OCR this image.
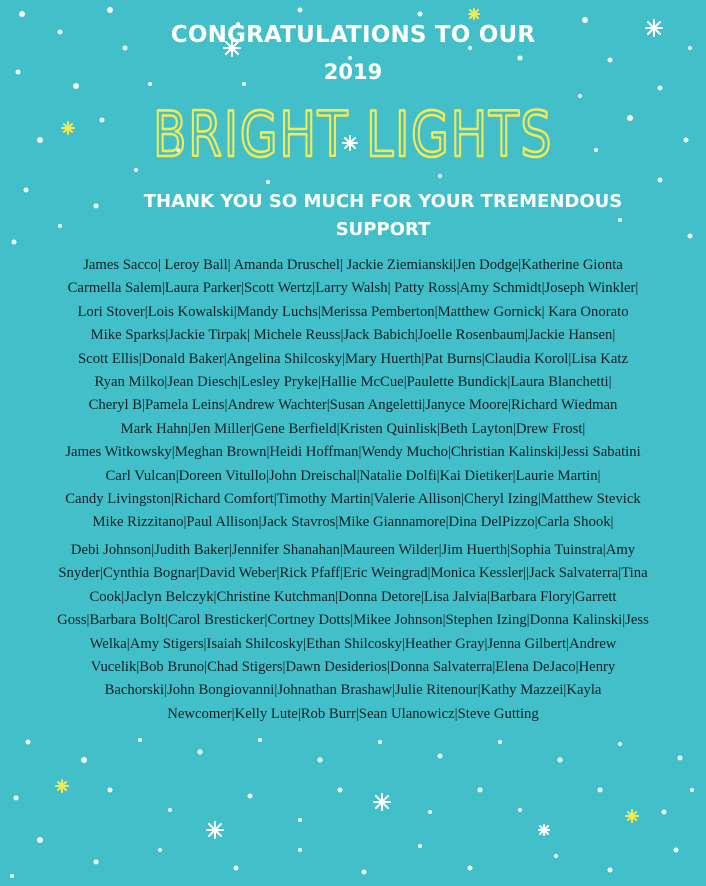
CONGRATULATIONS TO OUR
2019
BRIGHT LIGHTS
THANK YOU SO MUCH FOR YOUR TREMENDOUS SUPPORT
James Sacco| Leroy Ball| Amanda Druschel| Jackie Ziemianski|Jen Dodge|Katherine Gionta
Carmella Salem|Laura Parker|Scott Wertz|Larry Walsh| Patty Ross|Amy Schmidt|Joseph Winkler|
Lori Stover|Lois Kowalski|Mandy Luchs|Merissa Pemberton|Matthew Gornick| Kara Onorato
Mike Sparks|Jackie Tirpak| Michele Reuss|Jack Babich|Joelle Rosenbaum|Jackie Hansen|
Scott Ellis|Donald Baker|Angelina Shilcosky|Mary Huerth|Pat Burns|Claudia Korol|Lisa Katz
Ryan Milko|Jean Diesch|Lesley Pryke|Hallie McCue|Paulette Bundick|Laura Blanchetti|
Cheryl B|Pamela Leins|Andrew Wachter|Susan Angeletti|Janyce Moore|Richard Wiedman
Mark Hahn|Jen Miller|Gene Berfield|Kristen Quinlisk|Beth Layton|Drew Frost|
James Witkowsky|Meghan Brown|Heidi Hoffman|Wendy Mucho|Christian Kalinski|Jessi Sabatini
Carl Vulcan|Doreen Vitullo|John Dreischal|Natalie Dolfi|Kai Dietiker|Laurie Martin|
Candy Livingston|Richard Comfort|Timothy Martin|Valerie Allison|Cheryl Izing|Matthew Stevick
Mike Rizzitano|Paul Allison|Jack Stavros|Mike Giannamore|Dina DelPizzo|Carla Shook|
Debi Johnson|Judith Baker|Jennifer Shanahan|Maureen Wilder|Jim Huerth|Sophia Tuinstra|Amy
Snyder|Cynthia Bognar|David Weber|Rick Pfaff|Eric Weingrad|Monica Kessler||Jack Salvaterra|Tina
Cook|Jaclyn Belczyk|Christine Kutchman|Donna Detore|Lisa Jalvia|Barbara Flory|Garrett
Goss|Barbara Bolt|Carol Bresticker|Cortney Dotts|Mikee Johnson|Stephen Izing|Donna Kalinski|Jess
Welka|Amy Stigers|Isaiah Shilcosky|Ethan Shilcosky|Heather Gray|Jenna Gilbert|Andrew
Vucelik|Bob Bruno|Chad Stigers|Dawn Desiderios|Donna Salvaterra|Elena DeJaco|Henry
Bachorski|John Bongiovanni|Johnathan Brashaw|Julie Ritenour|Kathy Mazzei|Kayla
Newcomer|Kelly Lute|Rob Burr|Sean Ulanowicz|Steve Gutting
